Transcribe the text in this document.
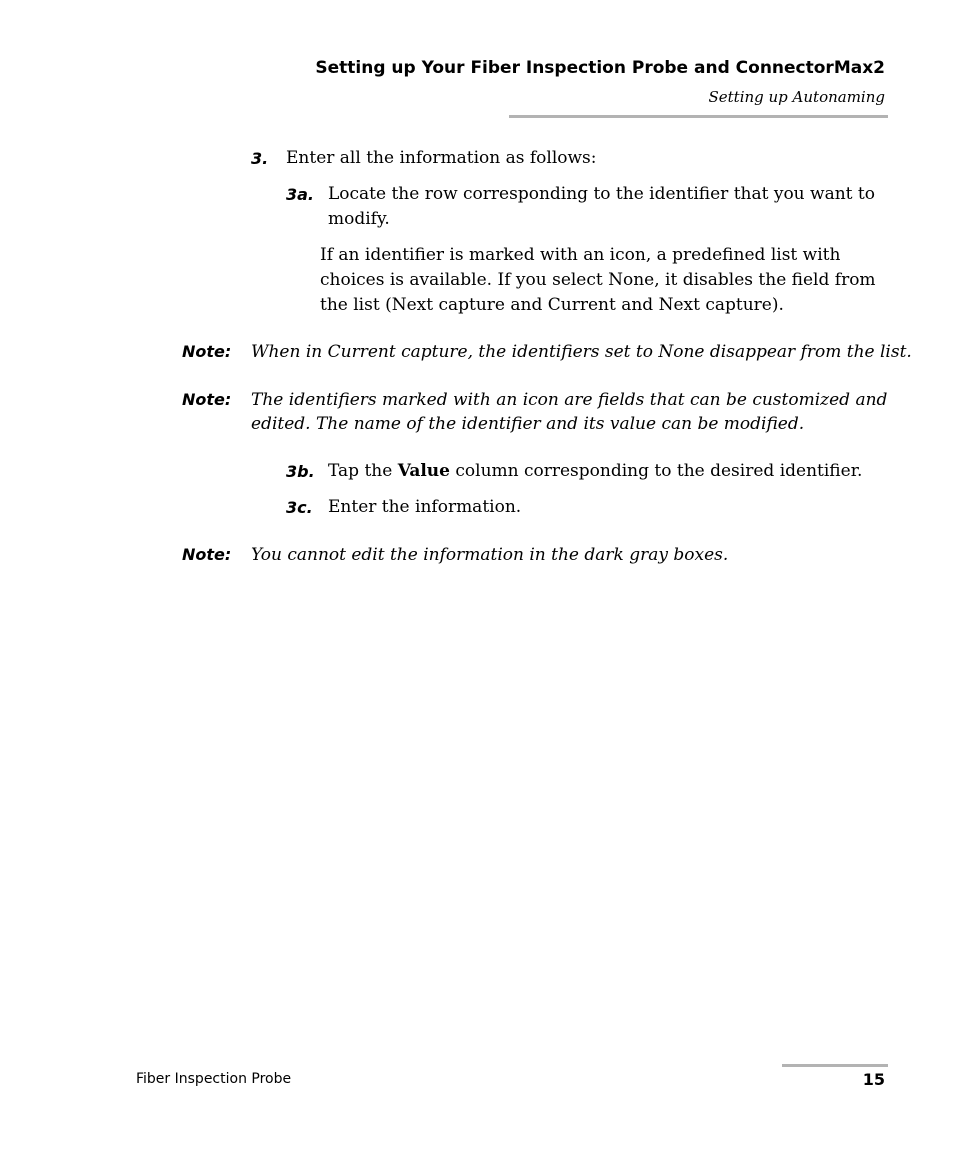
Setting up Your Fiber Inspection Probe and ConnectorMax2
Setting up Autonaming
3. Enter all the information as follows:
3a. Locate the row corresponding to the identifier that you want to
modify.
If an identifier is marked with an icon, a predefined list with
choices is available. If you select None, it disables the field from
the list (Next capture and Current and Next capture).
Note: When in Current capture, the identifiers set to None disappear from the list.
Note: The identifiers marked with an icon are fields that can be customized and
edited. The name of the identifier and its value can be modified.
3b. Tap the Value column corresponding to the desired identifier.
3c. Enter the information.
Note: You cannot edit the information in the dark gray boxes.
Fiber Inspection Probe	15
